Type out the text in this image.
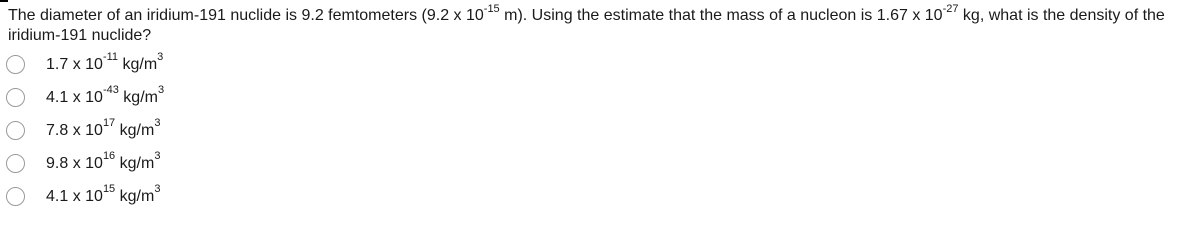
The diameter of an iridium-191 nuclide is 9.2 femtometers (9.2 x $10^{-15}$ m). Using the estimate that the mass of a nucleon is 1.67 x $10^{-27}$ kg, what is the density of the iridium-191 nuclide?
1.7 x $10^{-11}$ $kg/m^3$
4.1 x $10^{-43}$ $kg/m^3$
7.8 x $10^{17}$ $kg/m^3$
9.8 x $10^{16}$ $kg/m^3$
4.1 x $10^{15}$ $kg/m^3$
